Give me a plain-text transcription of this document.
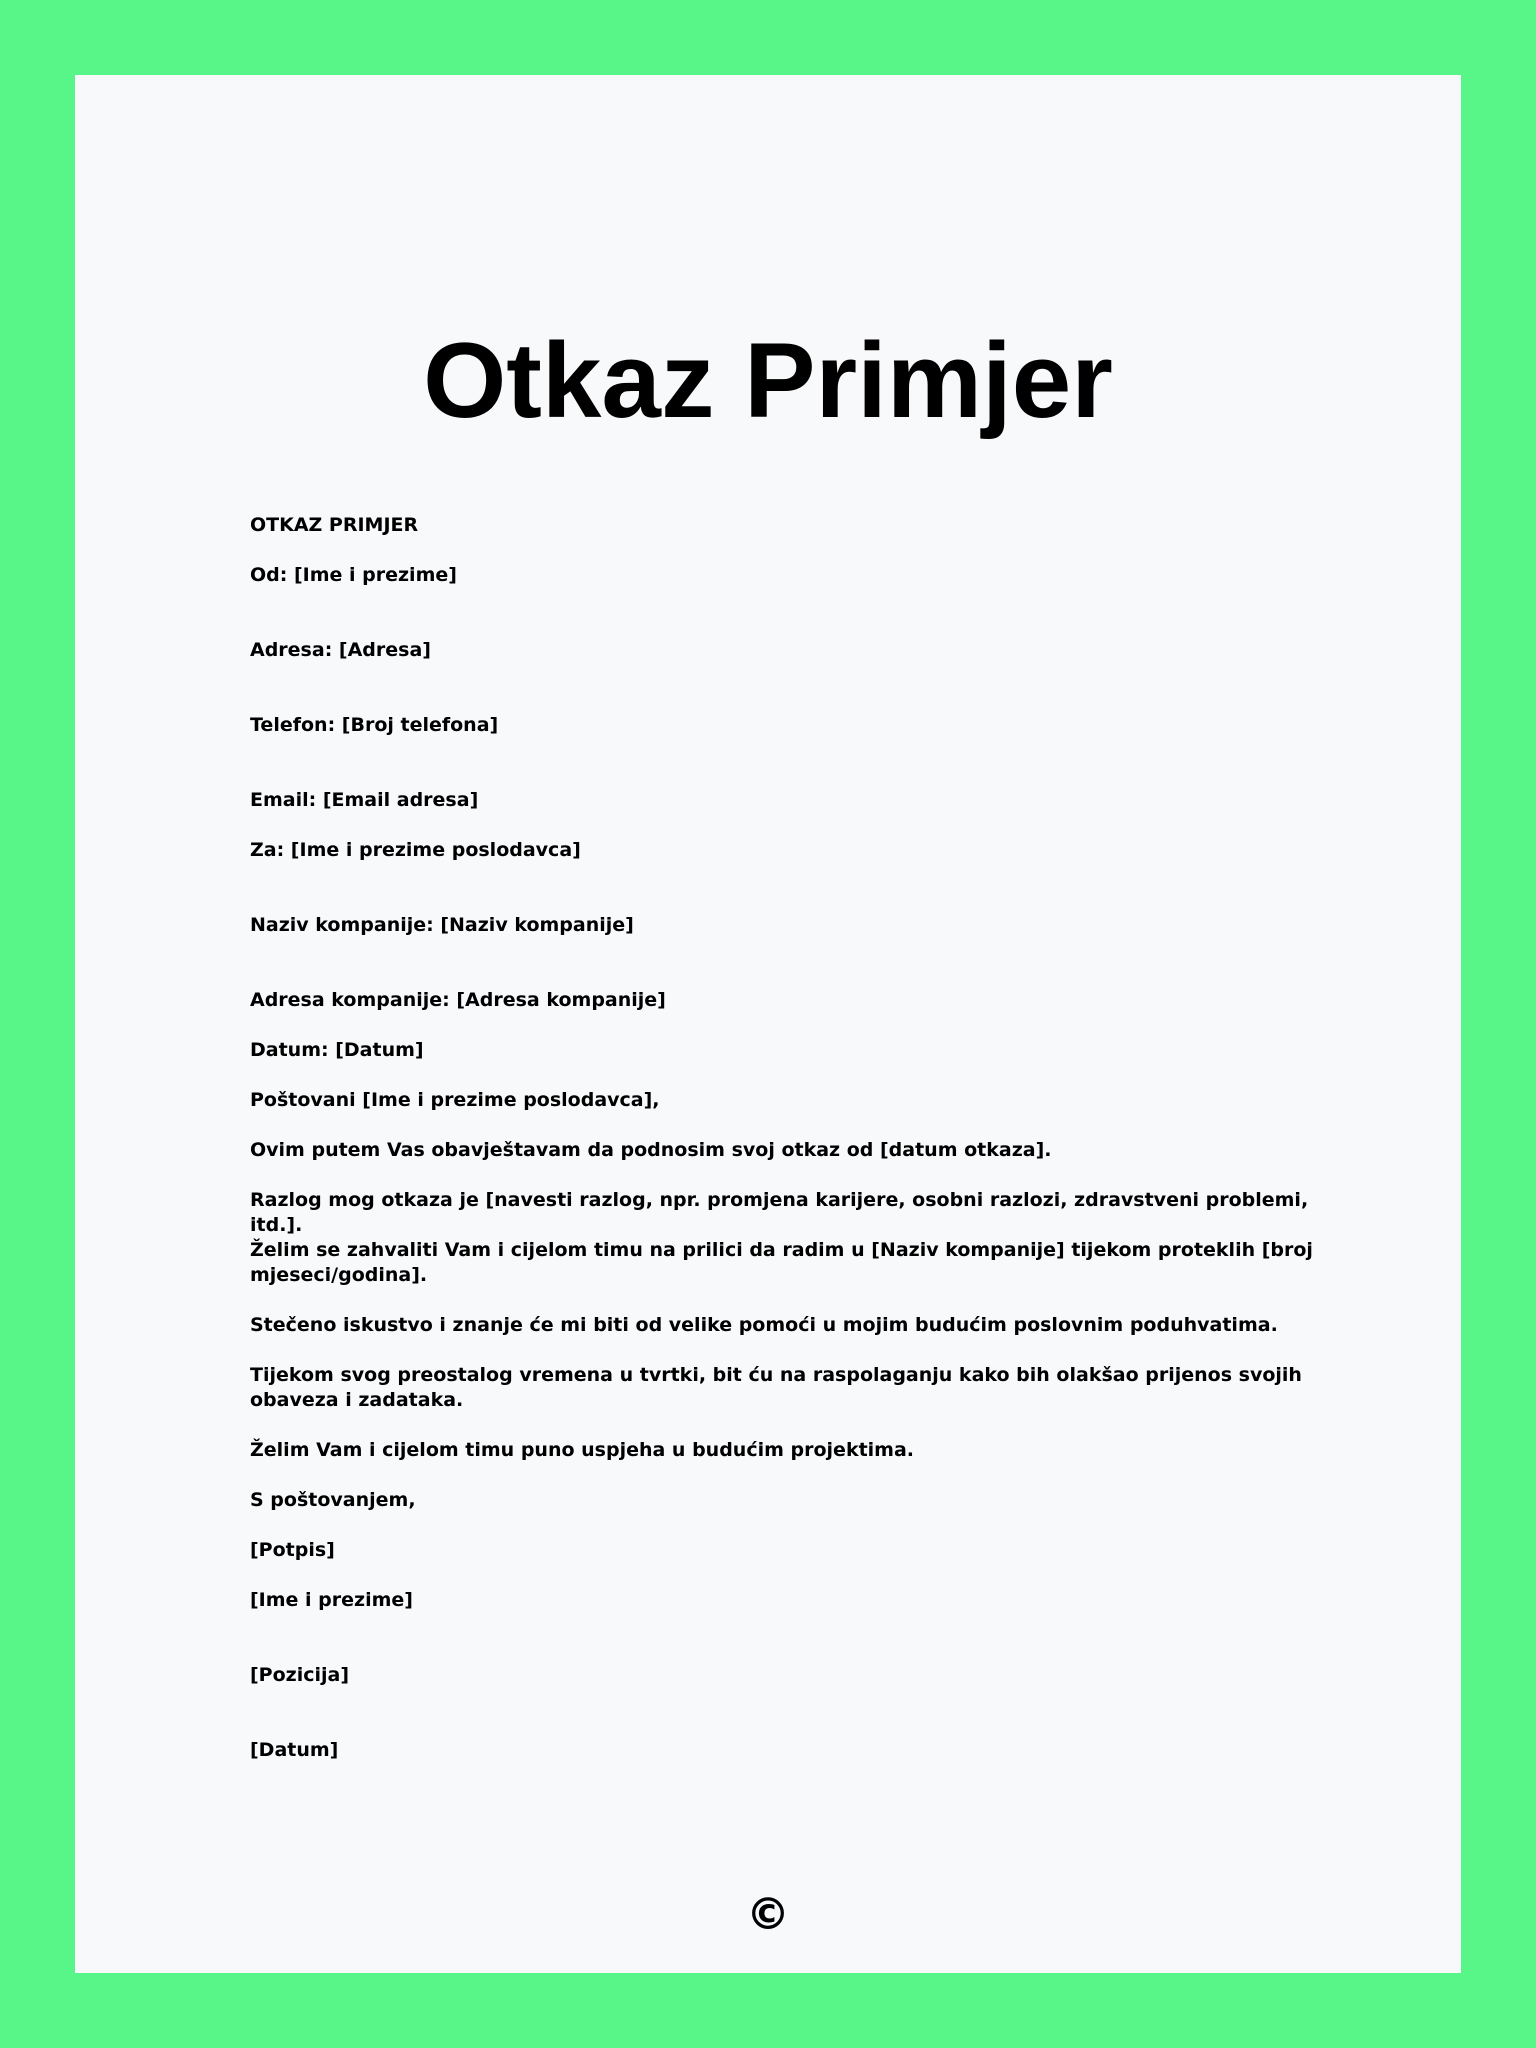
Otkaz Primjer

OTKAZ PRIMJER

Od: [Ime i prezime]

Adresa: [Adresa]

Telefon: [Broj telefona]

Email: [Email adresa]

Za: [Ime i prezime poslodavca]

Naziv kompanije: [Naziv kompanije]

Adresa kompanije: [Adresa kompanije]

Datum: [Datum]

Poštovani [Ime i prezime poslodavca],

Ovim putem Vas obavještavam da podnosim svoj otkaz od [datum otkaza].

Razlog mog otkaza je [navesti razlog, npr. promjena karijere, osobni razlozi, zdravstveni problemi, itd.].

Želim se zahvaliti Vam i cijelom timu na prilici da radim u [Naziv kompanije] tijekom proteklih [broj mjeseci/godina].

Stečeno iskustvo i znanje će mi biti od velike pomoći u mojim budućim poslovnim poduhvatima.

Tijekom svog preostalog vremena u tvrtki, bit ću na raspolaganju kako bih olakšao prijenos svojih obaveza i zadataka.

Želim Vam i cijelom timu puno uspjeha u budućim projektima.

S poštovanjem,

[Potpis]

[Ime i prezime]

[Pozicija]

[Datum]

©
